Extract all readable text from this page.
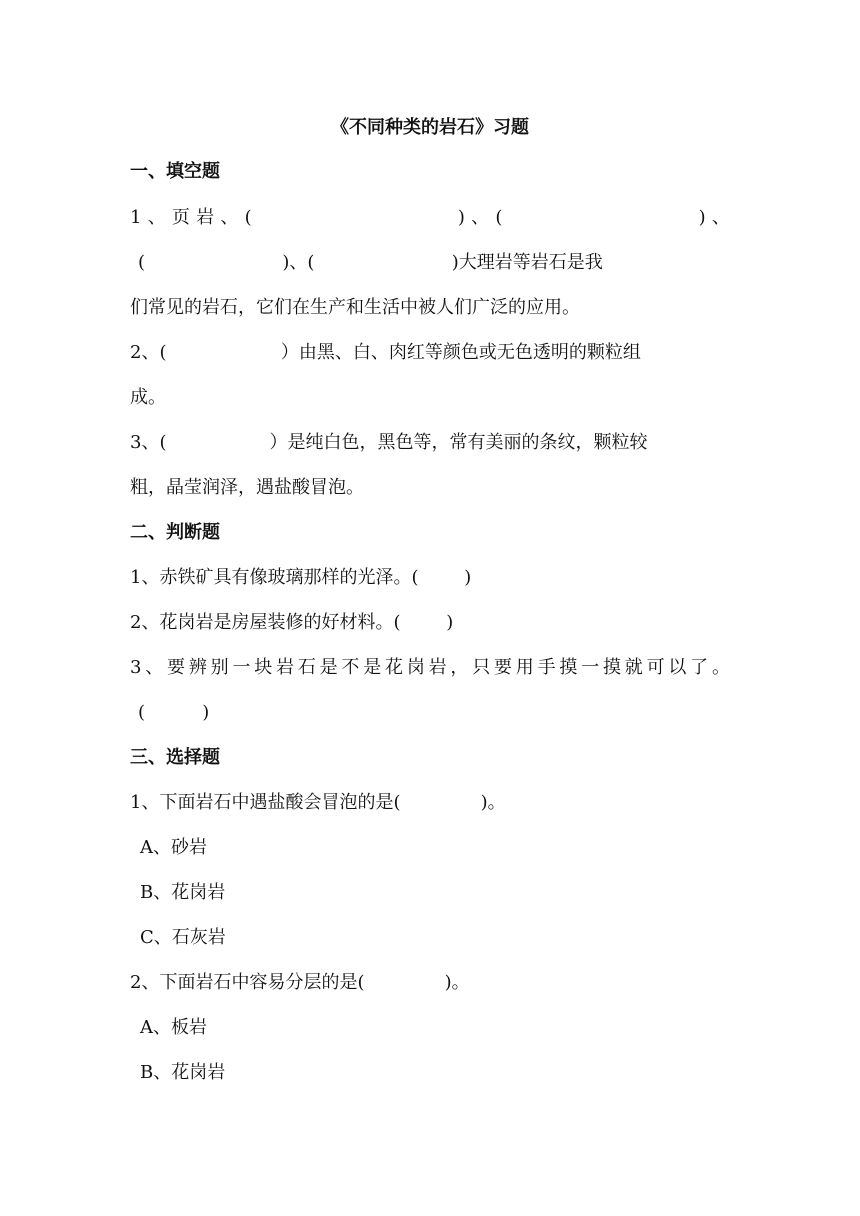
《不同种类的岩石》习题
一、填空题
1 、 页 岩 、 (	) 、 (	) 、
(                        )、(                        )大理岩等岩石是我
们常见的岩石，它们在生产和生活中被人们广泛的应用。
2、(                    ）由黑、白、肉红等颜色或无色透明的颗粒组
成。
3、(                  ）是纯白色，黑色等，常有美丽的条纹，颗粒较
粗，晶莹润泽，遇盐酸冒泡。
二、判断题
1、赤铁矿具有像玻璃那样的光泽。(        )
2、花岗岩是房屋装修的好材料。(        )
3 、 要 辨 别 一 块 岩 石 是 不 是 花 岗 岩 ， 只 要 用 手 摸 一 摸 就 可 以 了 。
(          )
三、选择题
1、下面岩石中遇盐酸会冒泡的是(              )。
A、砂岩
B、花岗岩
C、石灰岩
2、下面岩石中容易分层的是(              )。
A、板岩
B、花岗岩
